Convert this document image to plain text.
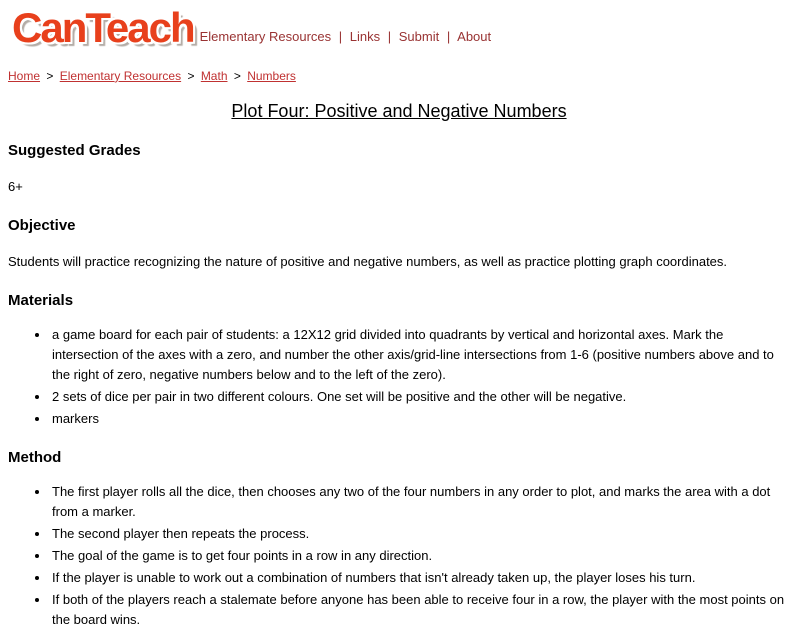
CanTeach Elementary Resources | Links | Submit | About
Home > Elementary Resources > Math > Numbers
Plot Four: Positive and Negative Numbers
Suggested Grades

6+

Objective

Students will practice recognizing the nature of positive and negative numbers, as well as practice plotting graph coordinates.

Materials
• a game board for each pair of students: a 12X12 grid divided into quadrants by vertical and horizontal axes. Mark the intersection of the axes with a zero, and number the other axis/grid-line intersections from 1-6 (positive numbers above and to the right of zero, negative numbers below and to the left of the zero).
• 2 sets of dice per pair in two different colours. One set will be positive and the other will be negative.
• markers
Method
• The first player rolls all the dice, then chooses any two of the four numbers in any order to plot, and marks the area with a dot from a marker.
• The second player then repeats the process.
• The goal of the game is to get four points in a row in any direction.
• If the player is unable to work out a combination of numbers that isn't already taken up, the player loses his turn.
• If both of the players reach a stalemate before anyone has been able to receive four in a row, the player with the most points on the board wins.
